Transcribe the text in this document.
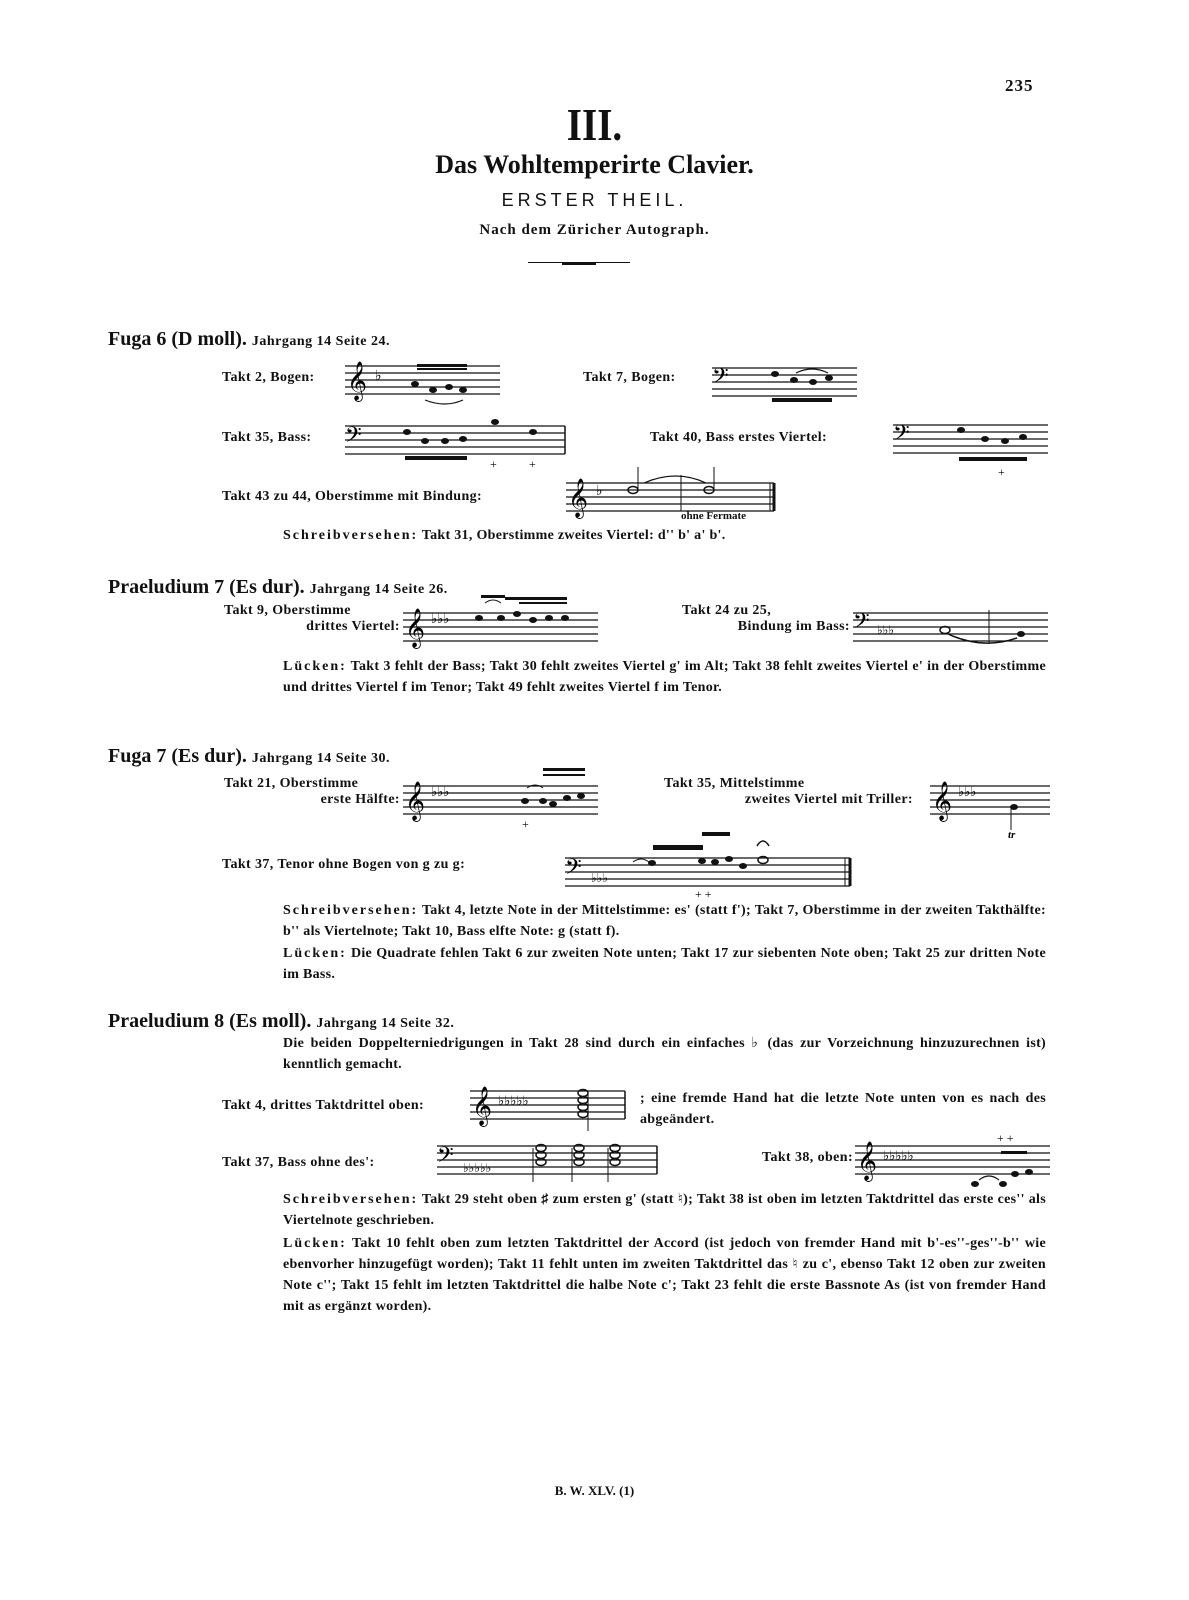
235
III.
Das Wohltemperirte Clavier.
ERSTER THEIL.
Nach dem Züricher Autograph.
Fuga 6 (D moll). Jahrgang 14 Seite 24.
Takt 2, Bogen: 𝄞 ♭	Takt 7, Bogen: 𝄢
Takt 35, Bass: 𝄢
+	+
Takt 40, Bass erstes Viertel:	𝄢
+
Takt 43 zu 44, Oberstimme mit Bindung:	𝄞 ♭
ohne Fermate
Schreibversehen: Takt 31, Oberstimme zweites Viertel: d'' b' a' b'.
Praeludium 7 (Es dur). Jahrgang 14 Seite 26.
Takt 9, Oberstimme
drittes Viertel: 𝄞 ♭♭♭
Takt 24 zu 25,
Bindung im Bass: 𝄢 ♭♭♭
Lücken: Takt 3 fehlt der Bass; Takt 30 fehlt zweites Viertel g' im Alt; Takt 38 fehlt zweites Viertel e' in der Oberstimme und drittes Viertel f im Tenor; Takt 49 fehlt zweites Viertel f im Tenor.
Fuga 7 (Es dur). Jahrgang 14 Seite 30.
Takt 21, Oberstimme
erste Hälfte: 𝄞 ♭♭♭
+
Takt 35, Mittelstimme
zweites Viertel mit Triller: 𝄞 ♭♭♭
tr
Takt 37, Tenor ohne Bogen von g zu g:	𝄢 ♭♭♭
+ +
Schreibversehen: Takt 4, letzte Note in der Mittelstimme: es' (statt f'); Takt 7, Oberstimme in der zweiten Takthälfte: b'' als Viertelnote; Takt 10, Bass elfte Note: g (statt f).
Lücken: Die Quadrate fehlen Takt 6 zur zweiten Note unten; Takt 17 zur siebenten Note oben; Takt 25 zur dritten Note im Bass.
Praeludium 8 (Es moll). Jahrgang 14 Seite 32.
Die beiden Doppelterniedrigungen in Takt 28 sind durch ein einfaches ♭ (das zur Vorzeichnung hinzuzurechnen ist) kenntlich gemacht.
Takt 4, drittes Taktdrittel oben: 𝄞 ♭♭♭♭♭	; eine fremde Hand hat die letzte Note unten von es nach des abgeändert.
Takt 37, Bass ohne des': 𝄢 ♭♭♭♭♭
Takt 38, oben: 𝄞 ♭♭♭♭♭
+ +
Schreibversehen: Takt 29 steht oben ♯ zum ersten g' (statt ♮); Takt 38 ist oben im letzten Taktdrittel das erste ces'' als Viertelnote geschrieben.
Lücken: Takt 10 fehlt oben zum letzten Taktdrittel der Accord (ist jedoch von fremder Hand mit b'-es''-ges''-b'' wie ebenvorher hinzugefügt worden); Takt 11 fehlt unten im zweiten Taktdrittel das ♮ zu c', ebenso Takt 12 oben zur zweiten Note c''; Takt 15 fehlt im letzten Taktdrittel die halbe Note c'; Takt 23 fehlt die erste Bassnote As (ist von fremder Hand mit as ergänzt worden).
B. W. XLV. (1)
